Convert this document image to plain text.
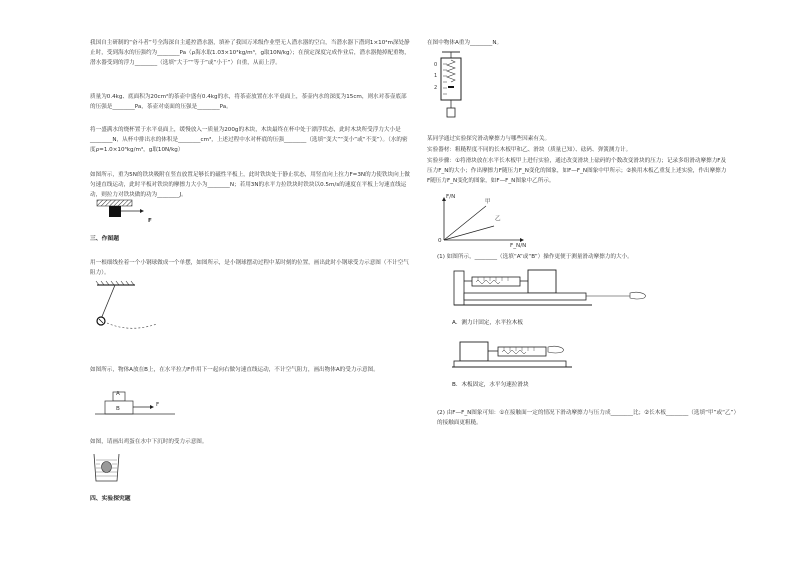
我国自主研制的“奋斗者”号全海深自主遥控潜水器，填补了我国万米级作业型无人潜水器的空白，当潜水器下潜到1×10⁴m深处静止时，受到海水的压强约为________Pa（ρ海水取1.03×10³kg/m³，g取10N/kg）；在预定深度完成作业后，潜水器抛掉配重物，潜水器受到的浮力________（选填“大于”“等于”或“小于”）自重，从而上浮。
质量为0.4kg、底面积为20cm²的茶壶中盛有0.4kg的水，将茶壶放置在水平桌面上，茶壶内水的深度为15cm，则水对茶壶底部的压强是________Pa，茶壶对桌面的压强是________Pa。
将一盛满水的烧杯置于水平桌面上，缓慢放入一质量为200g的木块，木块最终在杯中处于漂浮状态，此时木块所受浮力大小是________N，从杯中排出水的体积是________cm³，上述过程中水对杯底的压强________（选填“变大”“变小”或“不变”）。（水的密度ρ=1.0×10³kg/m³，g取10N/kg）
如图所示，重为5N的铁块吸附在竖直放置足够长的磁性平板上，此时铁块处于静止状态，用竖直向上拉力F=3N的力使铁块向上做匀速直线运动，此时平板对铁块的摩擦力大小为________N；若用3N的水平力拉铁块时铁块以0.5m/s的速度在平板上匀速直线运动，则拉力对铁块做的功为________J。
F
三、作图题
用一根细线拴着一个小钢球做成一个单摆，如图所示，是小钢球摆动过程中某时刻的位置，画出此时小钢球受力示意图（不计空气阻力）。
如图所示，物体A放在B上，在水平拉力F作用下一起向右做匀速直线运动，不计空气阻力，画出物体A的受力示意图。
A
B
F
如图，请画出鸡蛋在水中下沉时的受力示意图。
四、实验探究题
在图中物体A重为________N。
0
1
2
某同学通过实验探究滑动摩擦力与哪些因素有关。
实验器材：粗糙程度不同的长木板甲和乙、滑块（质量已知）、砝码、弹簧测力计。
实验步骤：①将滑块放在水平长木板甲上进行实验，通过改变滑块上砝码的个数改变滑块的压力；记录多组滑动摩擦力F及压力F_N的大小；作出摩擦力F随压力F_N变化的图象，如F—F_N图象中甲所示；②换用木板乙重复上述实验，作出摩擦力F随压力F_N变化的图象，如F—F_N图象中乙所示。
F/N
F_N/N
0
甲
乙
(1) 如图所示，________（选填“A”或“B”）操作更便于测量滑动摩擦力的大小。
A．测力计固定，水平拉木板
B．木板固定，水平匀速拉滑块
(2) 由F—F_N图象可知：①在接触面一定的情况下滑动摩擦力与压力成________比；②长木板________（选填“甲”或“乙”）的接触面更粗糙。
